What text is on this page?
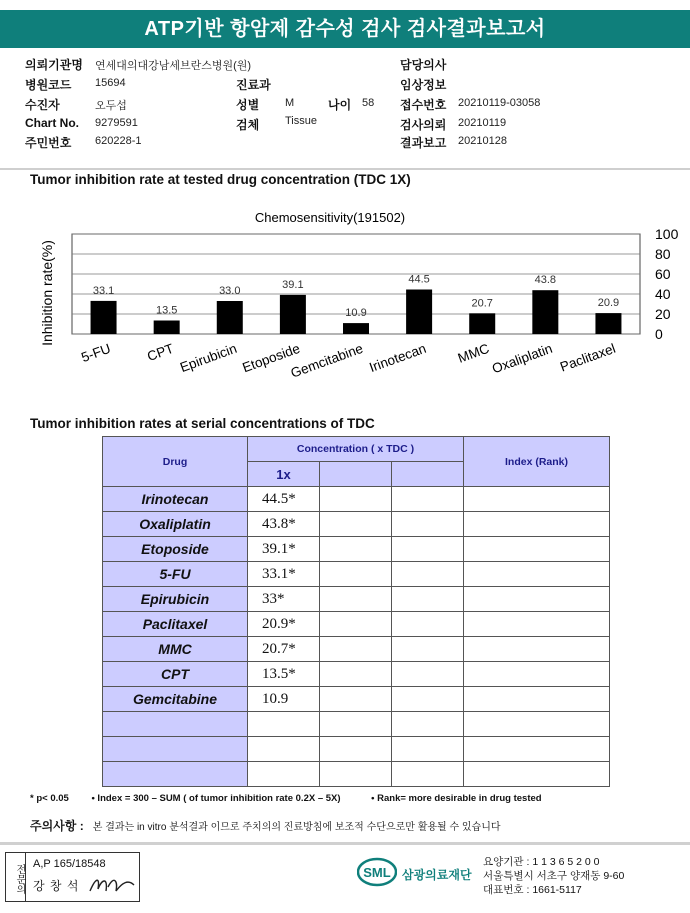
ATP기반 항암제 감수성 검사 검사결과보고서
의뢰기관명 연세대의대강남세브란스병원(원)
병원코드 15694
수진자	오두섭
Chart No. 9279591
주민번호 620228-1
진료과
성별 M	나이 58
검체 Tissue
담당의사
임상정보
접수번호 20210119-03058
검사의뢰 20210119
결과보고 20210128
Tumor inhibition rate at tested drug concentration (TDC 1X)
Chemosensitivity(191502)
Inhibition rate(%)	0
20
40
60
80
100
33.1
5-FU
13.5
CPT
33.0
Epirubicin
39.1
Etoposide
10.9
Gemcitabine
44.5
Irinotecan
20.7
MMC
43.8
Oxaliplatin
20.9
Paclitaxel
Tumor inhibition rates at serial concentrations of TDC
Drug	Concentration ( x TDC )			Index (Rank)
	1x			
Irinotecan	44.5*			
Oxaliplatin	43.8*			
Etoposide	39.1*			
5-FU	33.1*			
Epirubicin	33*			
Paclitaxel	20.9*			
MMC	20.7*			
CPT	13.5*			
Gemcitabine	10.9			

* p< 0.05 • Index = 300 – SUM ( of tumor inhibition rate 0.2X – 5X)	• Rank= more desirable in drug tested
주의사항 : 본 결과는 in vitro 분석결과 이므로 주치의의 진료방침에 보조적 수단으로만 활용될 수 있습니다
전문의 A,P 165/18548
강 창 석
SML 삼광의료재단
요양기관 : 1 1 3 6 5 2 0 0
서울특별시 서초구 양재동 9-60
대표번호 : 1661-5117
